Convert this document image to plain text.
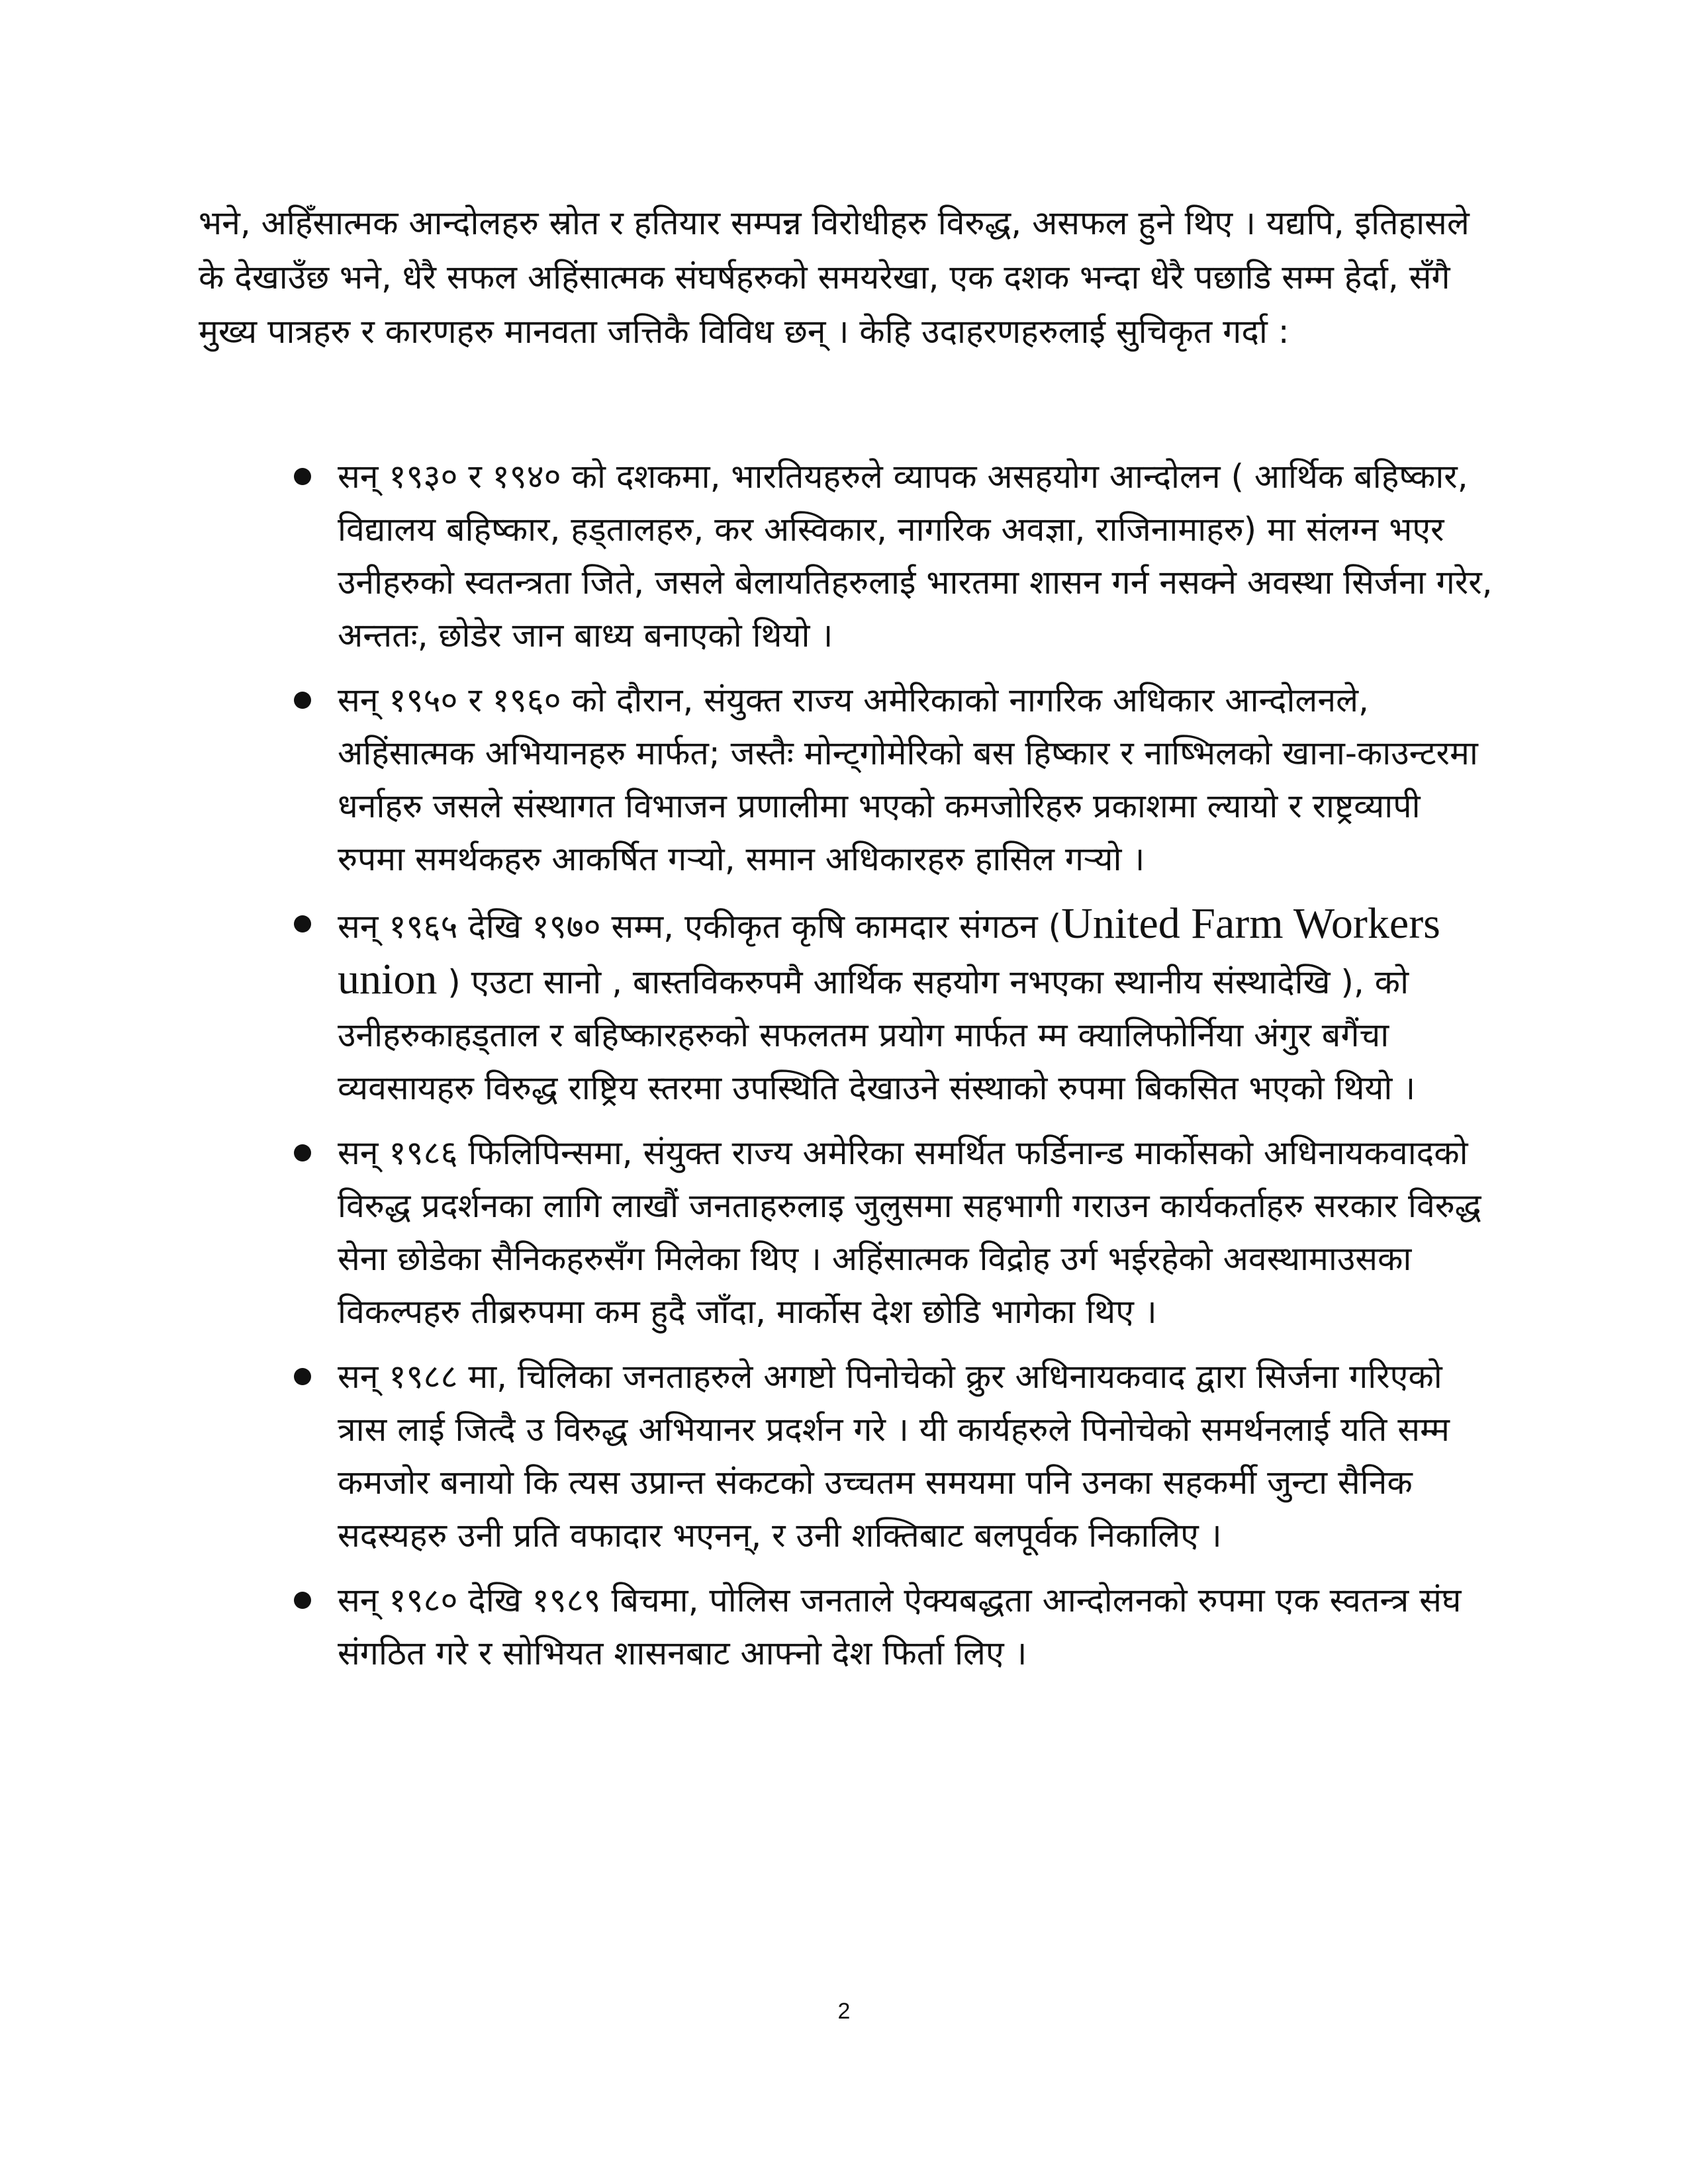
भने, अहिँसात्मक आन्दोलहरु स्रोत र हतियार सम्पन्न विरोधीहरु विरुद्ध, असफल हुने थिए । यद्यपि, इतिहासले के देखाउँछ भने, धेरै सफल अहिंसात्मक संघर्षहरुको समयरेखा, एक दशक भन्दा धेरै पछाडि सम्म हेर्दा, सँगै मुख्य पात्रहरु र कारणहरु मानवता जत्तिकै विविध छन् । केहि उदाहरणहरुलाई सुचिकृत गर्दा :

सन् १९३० र १९४० को दशकमा, भारतियहरुले व्यापक असहयोग आन्दोलन ( आर्थिक बहिष्कार, विद्यालय बहिष्कार, हड्तालहरु, कर अस्विकार, नागरिक अवज्ञा, राजिनामाहरु) मा संलग्न भएर उनीहरुको स्वतन्त्रता जिते, जसले बेलायतिहरुलाई भारतमा शासन गर्न नसक्ने अवस्था सिर्जना गरेर, अन्ततः, छोडेर जान बाध्य बनाएको थियो ।
सन् १९५० र १९६० को दौरान, संयुक्त राज्य अमेरिकाको नागरिक अधिकार आन्दोलनले, अहिंसात्मक अभियानहरु मार्फत; जस्तैः मोन्ट्गोमेरिको बस हिष्कार र नाष्भिलको खाना-काउन्टरमा धर्नाहरु जसले संस्थागत विभाजन प्रणालीमा भएको कमजोरिहरु प्रकाशमा ल्यायो र राष्ट्रव्यापी रुपमा समर्थकहरु आकर्षित गऱ्यो, समान अधिकारहरु हासिल गऱ्यो ।
सन् १९६५ देखि १९७० सम्म, एकीकृत कृषि कामदार संगठन (United Farm Workers union ) एउटा सानो , बास्तविकरुपमै आर्थिक सहयोग नभएका स्थानीय संस्थादेखि ), को उनीहरुकाहड्ताल र बहिष्कारहरुको सफलतम प्रयोग मार्फत म्म क्यालिफोर्निया अंगुर बगैंचा व्यवसायहरु विरुद्ध राष्ट्रिय स्तरमा उपस्थिति देखाउने संस्थाको रुपमा बिकसित भएको थियो ।
सन् १९८६ फिलिपिन्समा, संयुक्त राज्य अमेरिका समर्थित फर्डिनान्ड मार्कोसको अधिनायकवादको विरुद्ध प्रदर्शनका लागि लाखौं जनताहरुलाइ जुलुसमा सहभागी गराउन कार्यकर्ताहरु सरकार विरुद्ध सेना छोडेका सैनिकहरुसँग मिलेका थिए । अहिंसात्मक विद्रोह उर्ग भईरहेको अवस्थामाउसका विकल्पहरु तीब्ररुपमा कम हुदै जाँदा, मार्कोस देश छोडि भागेका थिए ।
सन् १९८८ मा, चिलिका जनताहरुले अगष्टो पिनोचेको क्रुर अधिनायकवाद द्वारा सिर्जना गरिएको त्रास लाई जित्दै उ विरुद्ध अभियानर प्रदर्शन गरे । यी कार्यहरुले पिनोचेको समर्थनलाई यति सम्म कमजोर बनायो कि त्यस उप्रान्त संकटको उच्चतम समयमा पनि उनका सहकर्मी जुन्टा सैनिक सदस्यहरु उनी प्रति वफादार भएनन्, र उनी शक्तिबाट बलपूर्वक निकालिए ।
सन् १९८० देखि १९८९ बिचमा, पोलिस जनताले ऐक्यबद्धता आन्दोलनको रुपमा एक स्वतन्त्र संघ संगठित गरे र सोभियत शासनबाट आफ्नो देश फिर्ता लिए ।
2
